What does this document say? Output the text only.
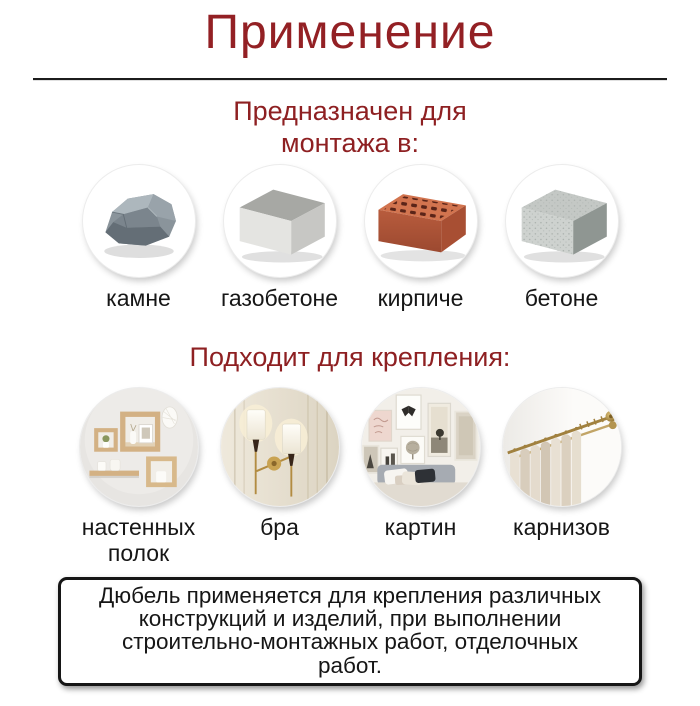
Применение
Предназначен для
монтажа в:
камне газобетоне кирпиче	бетоне
Подходит для крепления:
настенных полок
бра	картин карнизов
Дюбель применяется для крепления различных
конструкций и изделий, при выполнении
строительно-монтажных работ, отделочных
работ.
